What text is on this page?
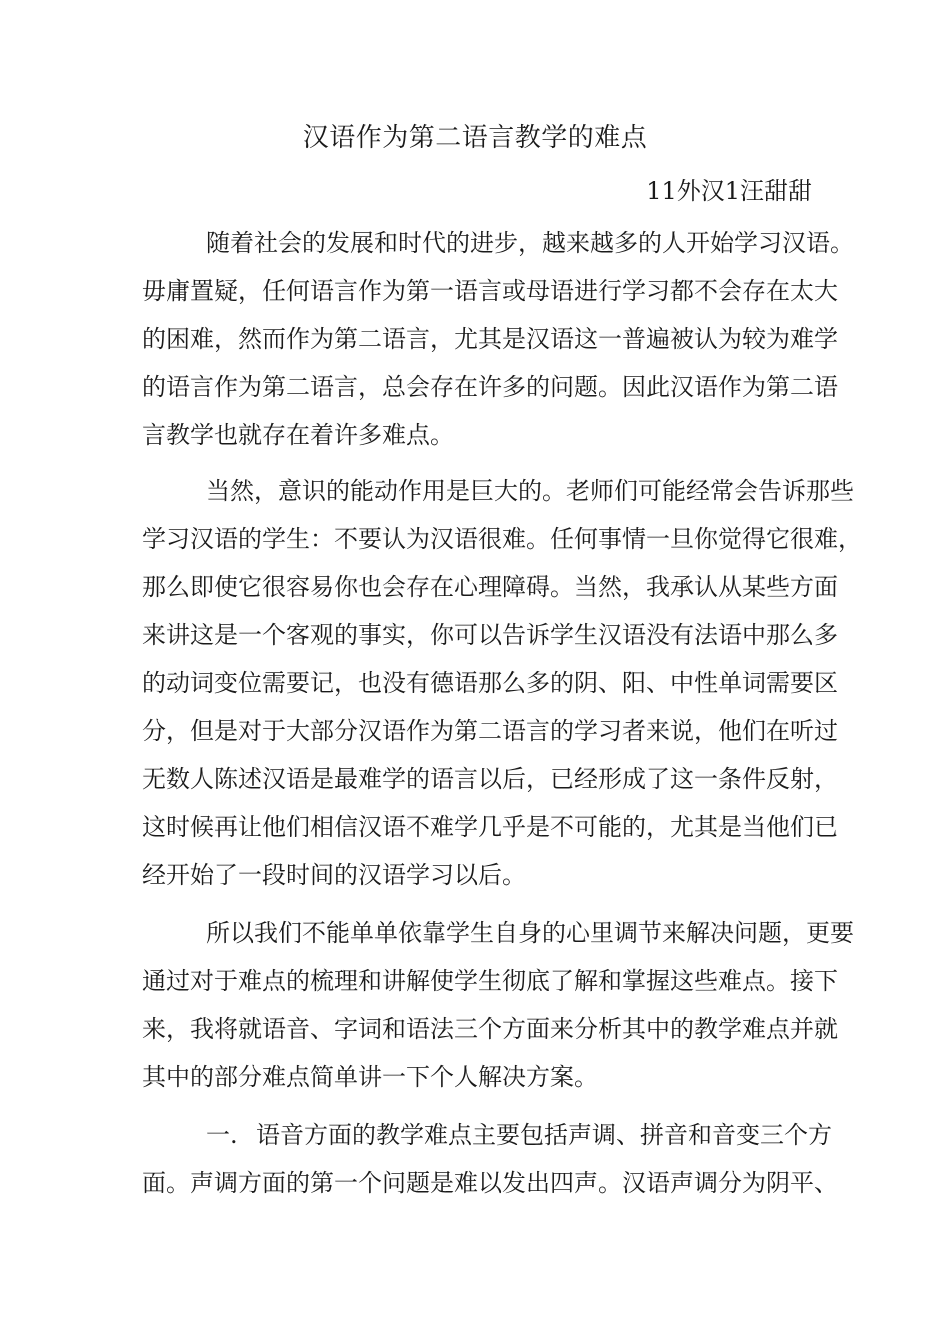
汉语作为第二语言教学的难点
11外汉1汪甜甜
随着社会的发展和时代的进步，越来越多的人开始学习汉语。
毋庸置疑，任何语言作为第一语言或母语进行学习都不会存在太大
的困难，然而作为第二语言，尤其是汉语这一普遍被认为较为难学
的语言作为第二语言，总会存在许多的问题。因此汉语作为第二语
言教学也就存在着许多难点。
当然，意识的能动作用是巨大的。老师们可能经常会告诉那些
学习汉语的学生：不要认为汉语很难。任何事情一旦你觉得它很难，
那么即使它很容易你也会存在心理障碍。当然，我承认从某些方面
来讲这是一个客观的事实，你可以告诉学生汉语没有法语中那么多
的动词变位需要记，也没有德语那么多的阴、阳、中性单词需要区
分，但是对于大部分汉语作为第二语言的学习者来说，他们在听过
无数人陈述汉语是最难学的语言以后，已经形成了这一条件反射，
这时候再让他们相信汉语不难学几乎是不可能的，尤其是当他们已
经开始了一段时间的汉语学习以后。
所以我们不能单单依靠学生自身的心里调节来解决问题，更要
通过对于难点的梳理和讲解使学生彻底了解和掌握这些难点。接下
来，我将就语音、字词和语法三个方面来分析其中的教学难点并就
其中的部分难点简单讲一下个人解决方案。
一. 语音方面的教学难点主要包括声调、拼音和音变三个方
面。声调方面的第一个问题是难以发出四声。汉语声调分为阴平、
